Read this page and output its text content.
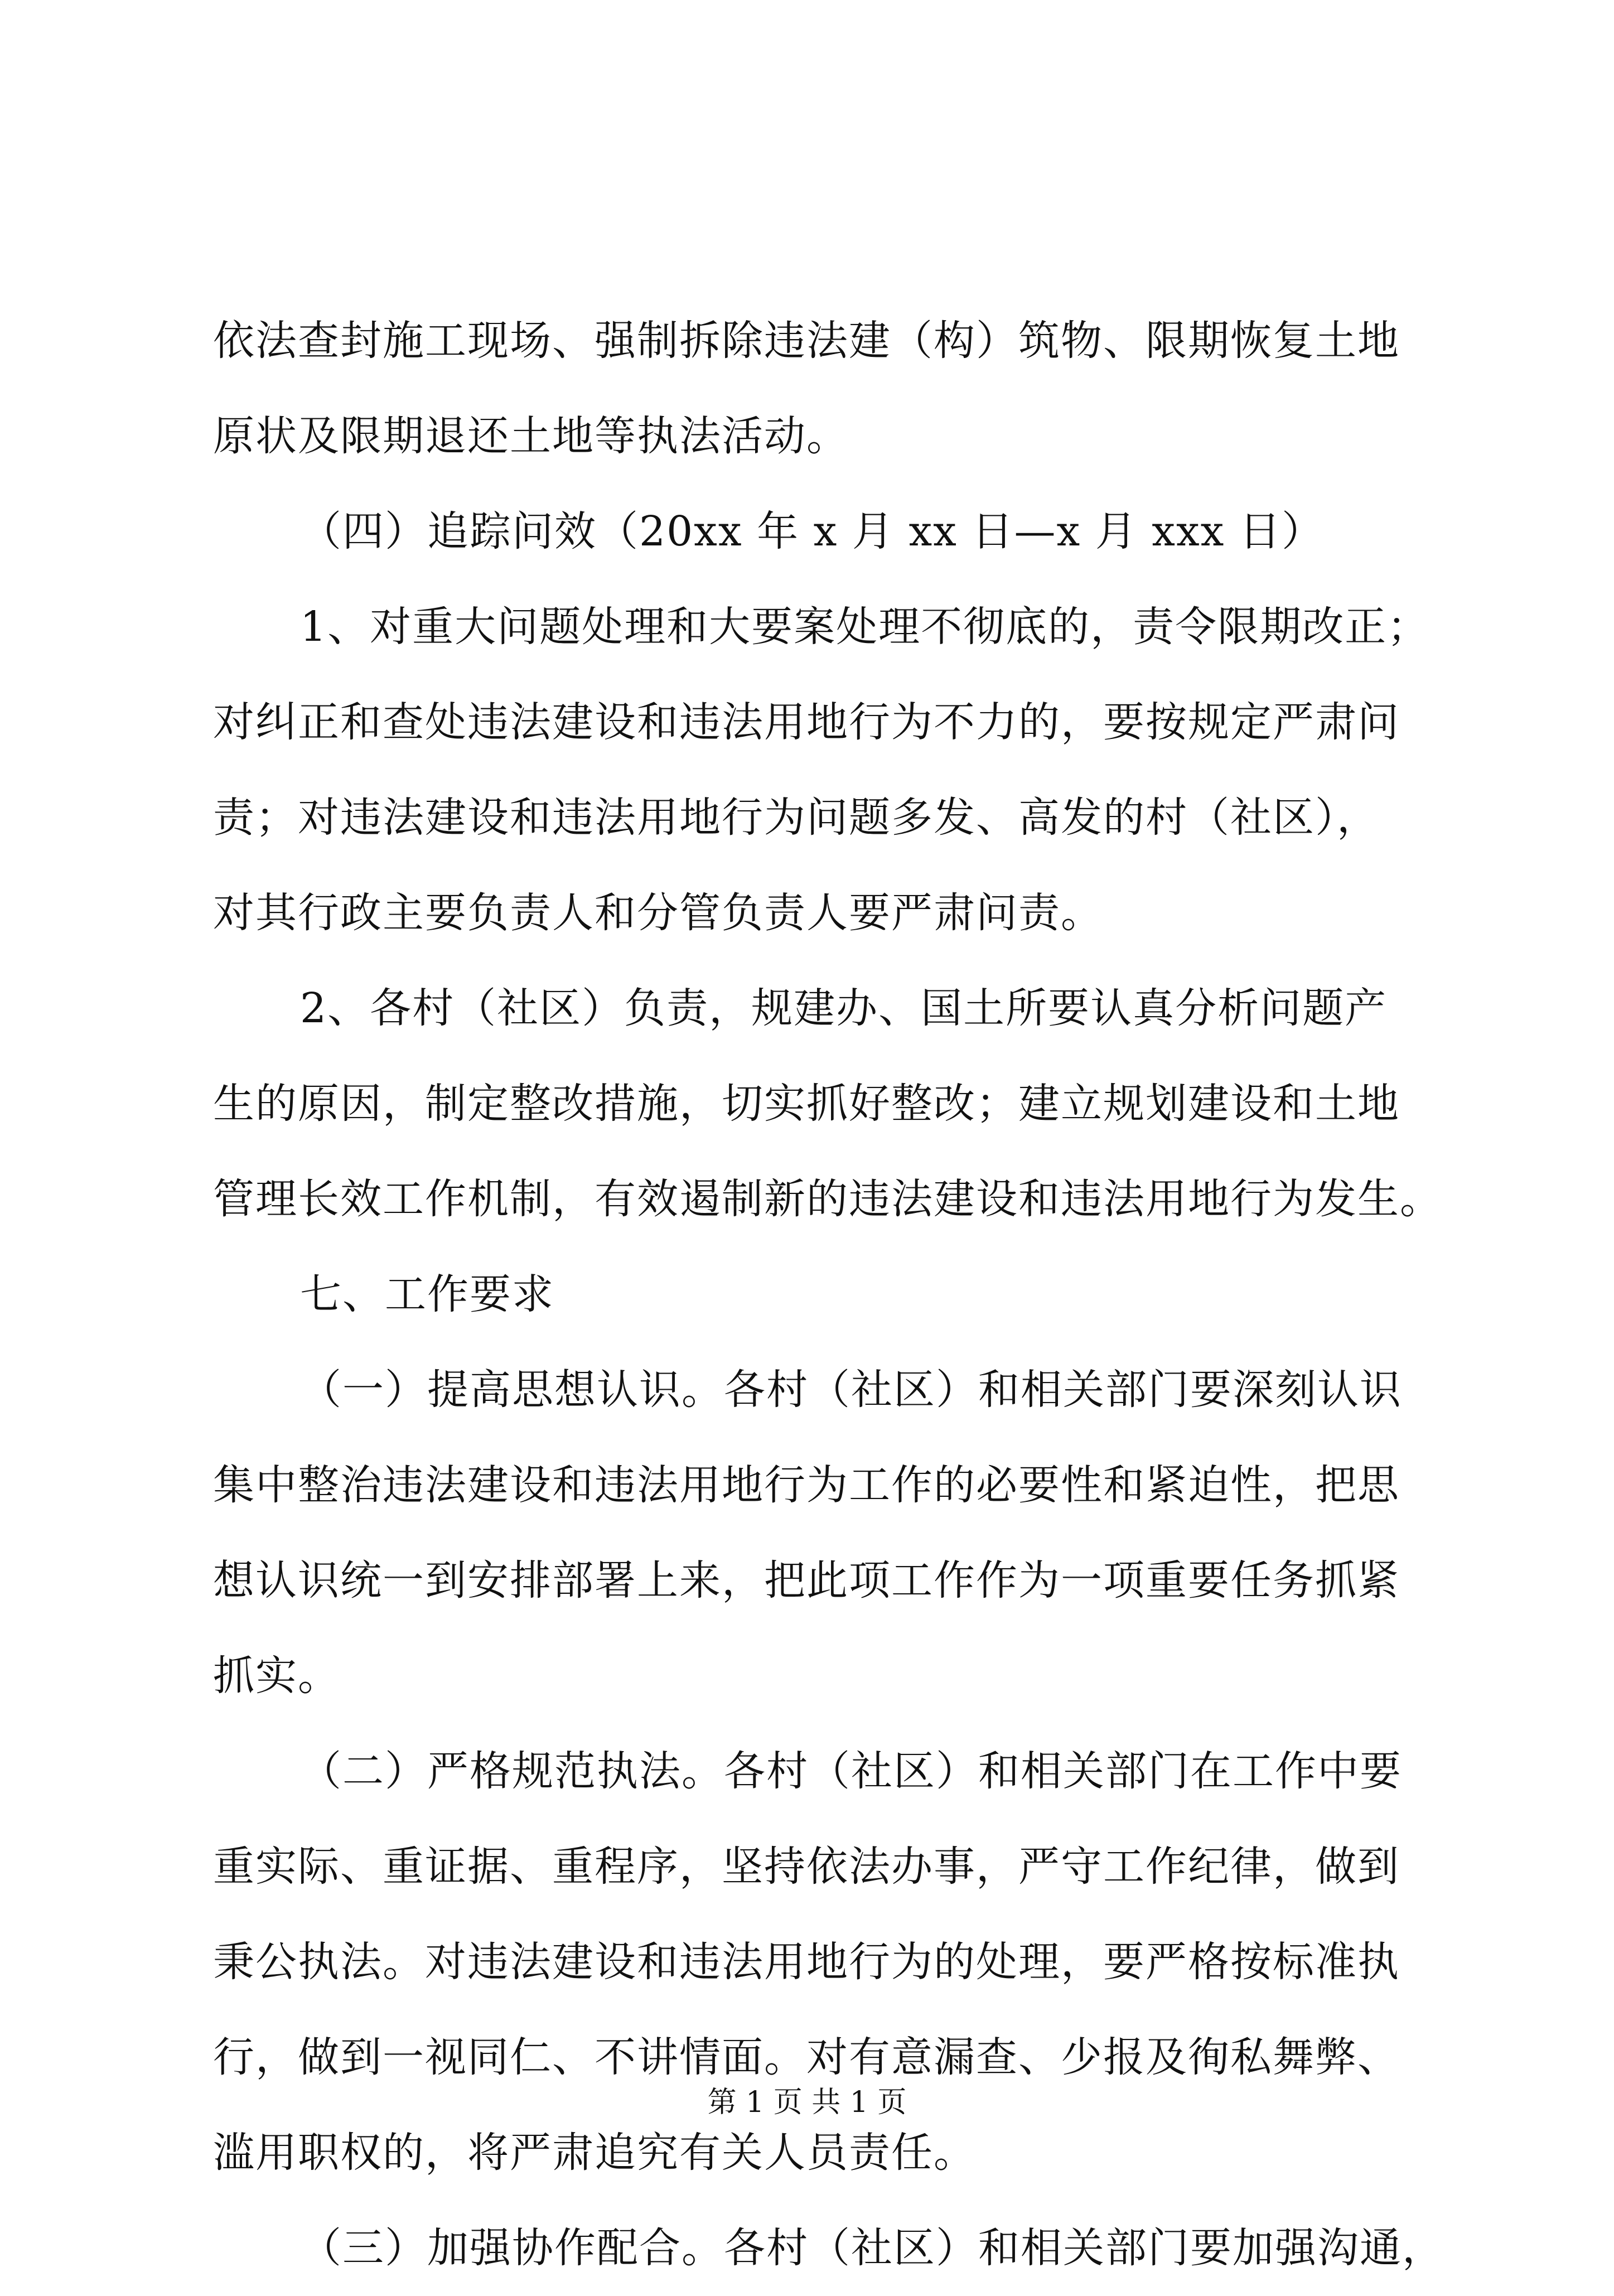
依法查封施工现场、强制拆除违法建（构）筑物、限期恢复土地
原状及限期退还土地等执法活动。
（四）追踪问效（20xx 年 x 月 xx 日—x 月 xxx 日）
1、对重大问题处理和大要案处理不彻底的，责令限期改正；
对纠正和查处违法建设和违法用地行为不力的，要按规定严肃问
责；对违法建设和违法用地行为问题多发、高发的村（社区），
对其行政主要负责人和分管负责人要严肃问责。
2、各村（社区）负责，规建办、国土所要认真分析问题产
生的原因，制定整改措施，切实抓好整改；建立规划建设和土地
管理长效工作机制，有效遏制新的违法建设和违法用地行为发生。
七、工作要求
（一）提高思想认识。各村（社区）和相关部门要深刻认识
集中整治违法建设和违法用地行为工作的必要性和紧迫性，把思
想认识统一到安排部署上来，把此项工作作为一项重要任务抓紧
抓实。
（二）严格规范执法。各村（社区）和相关部门在工作中要
重实际、重证据、重程序，坚持依法办事，严守工作纪律，做到
秉公执法。对违法建设和违法用地行为的处理，要严格按标准执
行，做到一视同仁、不讲情面。对有意漏查、少报及徇私舞弊、
滥用职权的，将严肃追究有关人员责任。
（三）加强协作配合。各村（社区）和相关部门要加强沟通，
第 1 页 共 1 页
